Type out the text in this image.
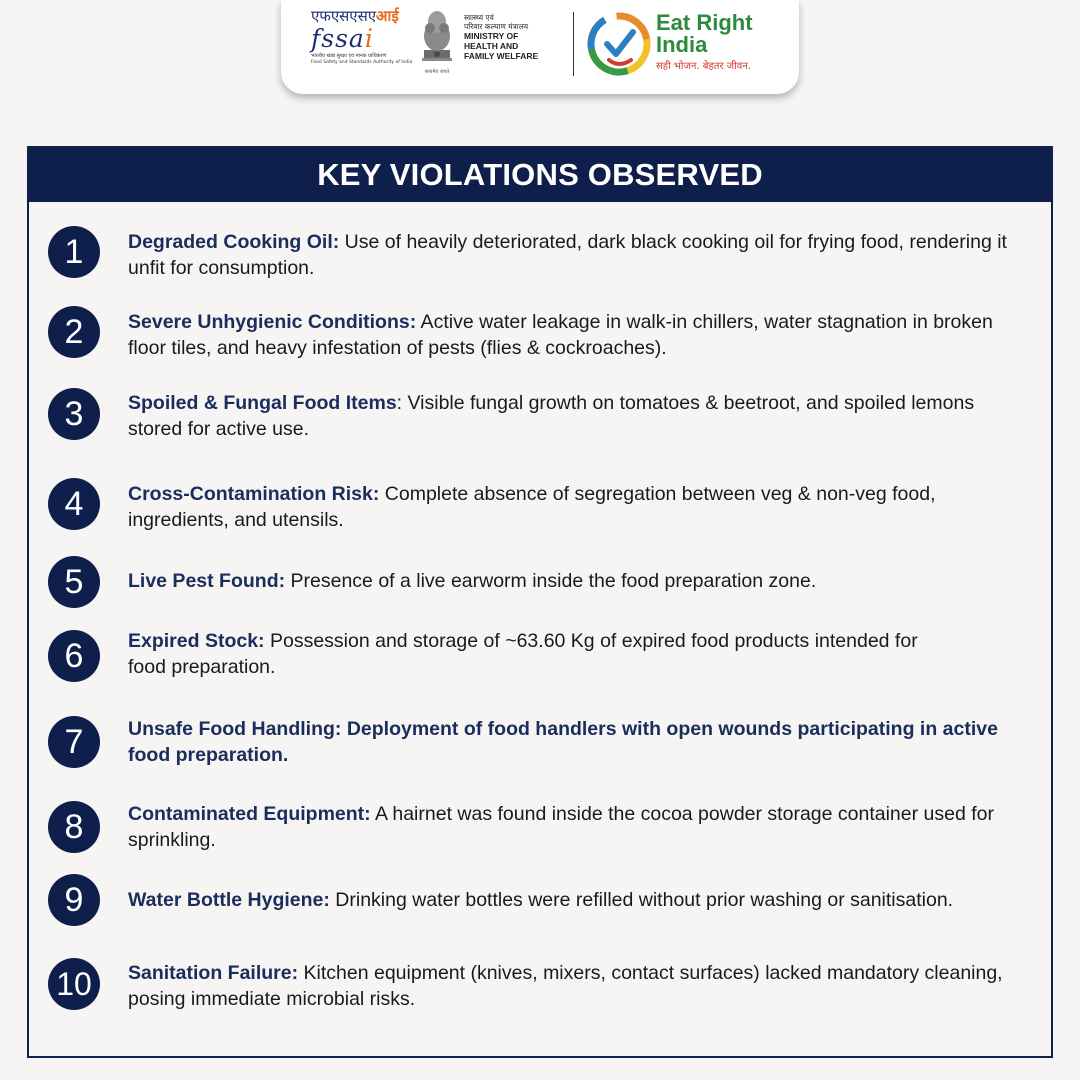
एफएसएसएआई
fssai
भारतीय खाद्य सुरक्षा एवं मानक प्राधिकरण
Food Safety and Standards Authority of India
सत्यमेव जयते
स्वास्थ्य एवं
परिवार कल्याण मंत्रालय
MINISTRY OF
HEALTH AND
FAMILY WELFARE
Eat Right India
सही भोजन. बेहतर जीवन.
KEY VIOLATIONS OBSERVED
1	Degraded Cooking Oil: Use of heavily deteriorated, dark black cooking oil for frying food, rendering it unfit for consumption.
2	Severe Unhygienic Conditions: Active water leakage in walk-in chillers, water stagnation in broken floor tiles, and heavy infestation of pests (flies & cockroaches).
3	Spoiled & Fungal Food Items: Visible fungal growth on tomatoes & beetroot, and spoiled lemons stored for active use.
4	Cross-Contamination Risk: Complete absence of segregation between veg & non-veg food, ingredients, and utensils.
5	Live Pest Found: Presence of a live earworm inside the food preparation zone.
6	Expired Stock: Possession and storage of ~63.60 Kg of expired food products intended for food preparation.
7	Unsafe Food Handling: Deployment of food handlers with open wounds participating in active food preparation.
8	Contaminated Equipment: A hairnet was found inside the cocoa powder storage container used for sprinkling.
9	Water Bottle Hygiene: Drinking water bottles were refilled without prior washing or sanitisation.
10	Sanitation Failure: Kitchen equipment (knives, mixers, contact surfaces) lacked mandatory cleaning, posing immediate microbial risks.
